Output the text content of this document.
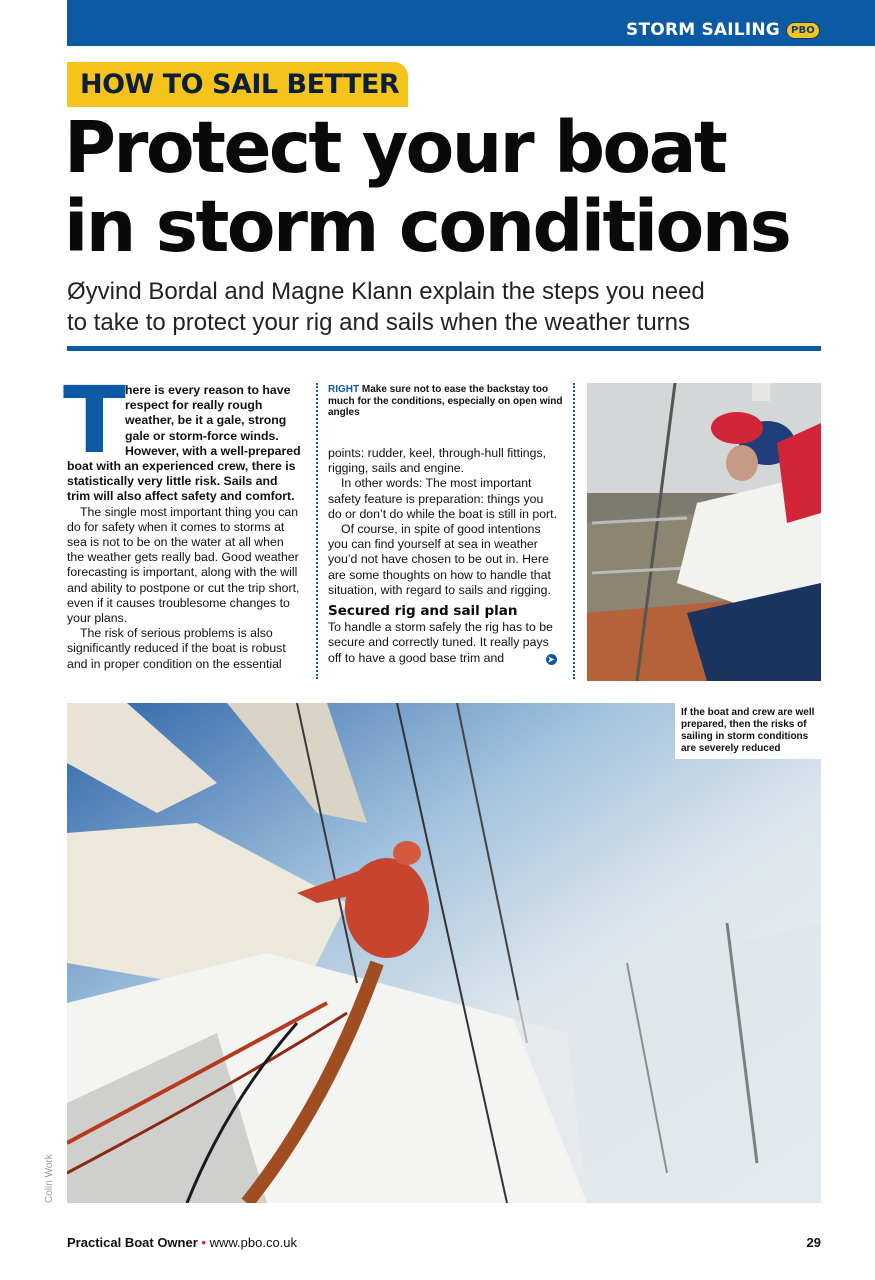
STORM SAILING	PBO
HOW TO SAIL BETTER
Protect your boat
in storm conditions
Øyvind Bordal and Magne Klann explain the steps you need
to take to protect your rig and sails when the weather turns
T here is every reason to have respect for really rough weather, be it a gale, strong gale or storm-force winds. However, with a well-prepared boat with an experienced crew, there is statistically very little risk. Sails and trim will also affect safety and comfort.

The single most important thing you can do for safety when it comes to storms at sea is not to be on the water at all when the weather gets really bad. Good weather forecasting is important, along with the will and ability to postpone or cut the trip short, even if it causes troublesome changes to your plans.

The risk of serious problems is also significantly reduced if the boat is robust and in proper condition on the essential

RIGHT Make sure not to ease the backstay too much for the conditions, especially on open wind angles

points: rudder, keel, through-hull fittings, rigging, sails and engine.

In other words: The most important safety feature is preparation: things you do or don’t do while the boat is still in port.

Of course, in spite of good intentions you can find yourself at sea in weather you’d not have chosen to be out in. Here are some thoughts on how to handle that situation, with regard to sails and rigging.

Secured rig and sail plan

To handle a storm safely the rig has to be secure and correctly tuned. It really pays off to have a good base trim and	➤

If the boat and crew are well prepared, then the risks of sailing in storm conditions are severely reduced
Colin Work
Practical Boat Owner • www.pbo.co.uk	29
